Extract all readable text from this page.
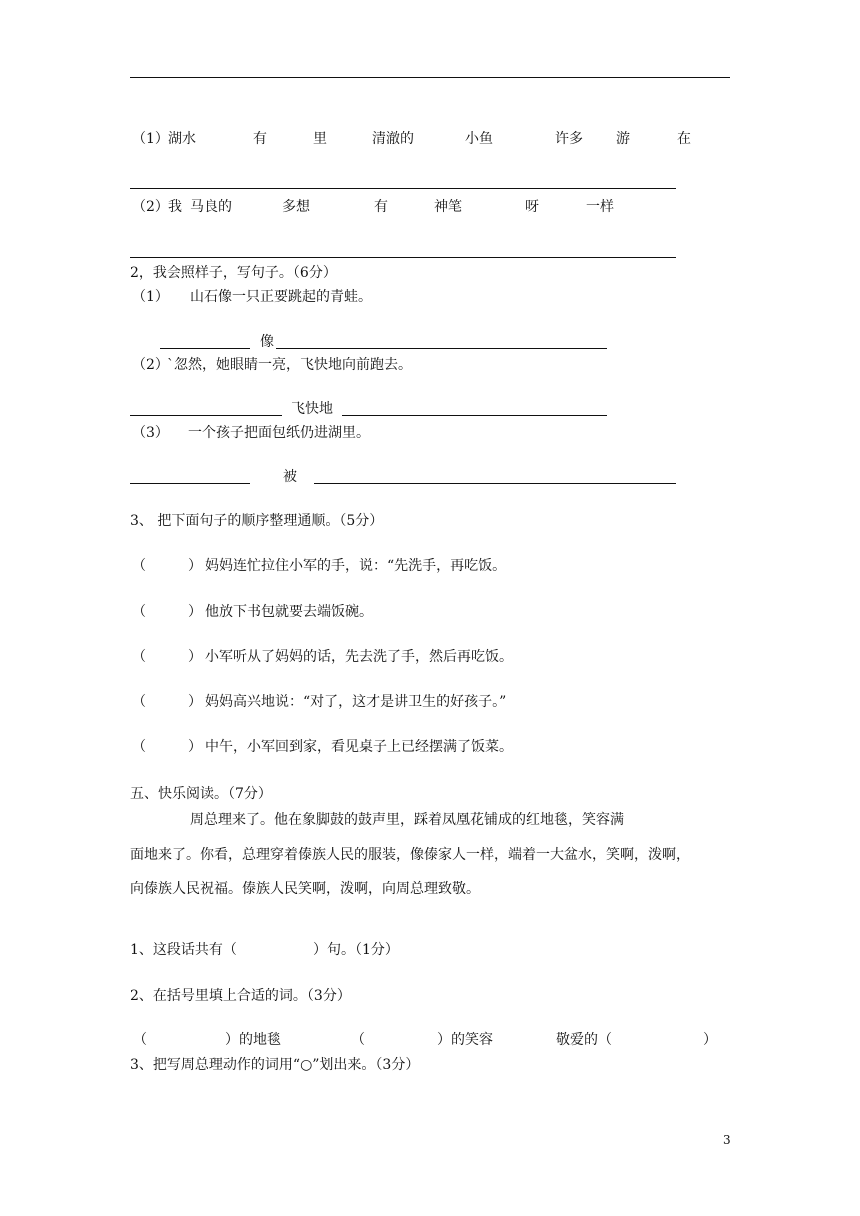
（1） 湖水	有	里	清澈的	小鱼	许多 游	在
（2） 我 马良的	多想	有	神笔	呀	一样
2，我会照样子，写句子。（6分）
（1） 山石像一只正要跳起的青蛙。
像
（2）
`忽然，她眼睛一亮，飞快地向前跑去。
飞快地
（3） 一个孩子把面包纸仍进湖里。
被
3、 把下面句子的顺序整理通顺。（5分）
（　　　） 妈妈连忙拉住小军的手，说：“先洗手，再吃饭。
（　　　） 他放下书包就要去端饭碗。
（　　　） 小军听从了妈妈的话，先去洗了手，然后再吃饭。
（　　　） 妈妈高兴地说：“对了，这才是讲卫生的好孩子。”
（　　　） 中午，小军回到家，看见桌子上已经摆满了饭菜。
五、快乐阅读。（7分）
周总理来了。他在象脚鼓的鼓声里，踩着凤凰花铺成的红地毯，笑容满
面地来了。你看，总理穿着傣族人民的服装，像傣家人一样，端着一大盆水，笑啊，泼啊，
向傣族人民祝福。傣族人民笑啊，泼啊，向周总理致敬。
1、这段话共有（	）句。（1分）
2、在括号里填上合适的词。（3分）
（	）的地毯	（	）的笑容	敬爱的（	）
3、把写周总理动作的词用“○”划出来。（3分）
3
